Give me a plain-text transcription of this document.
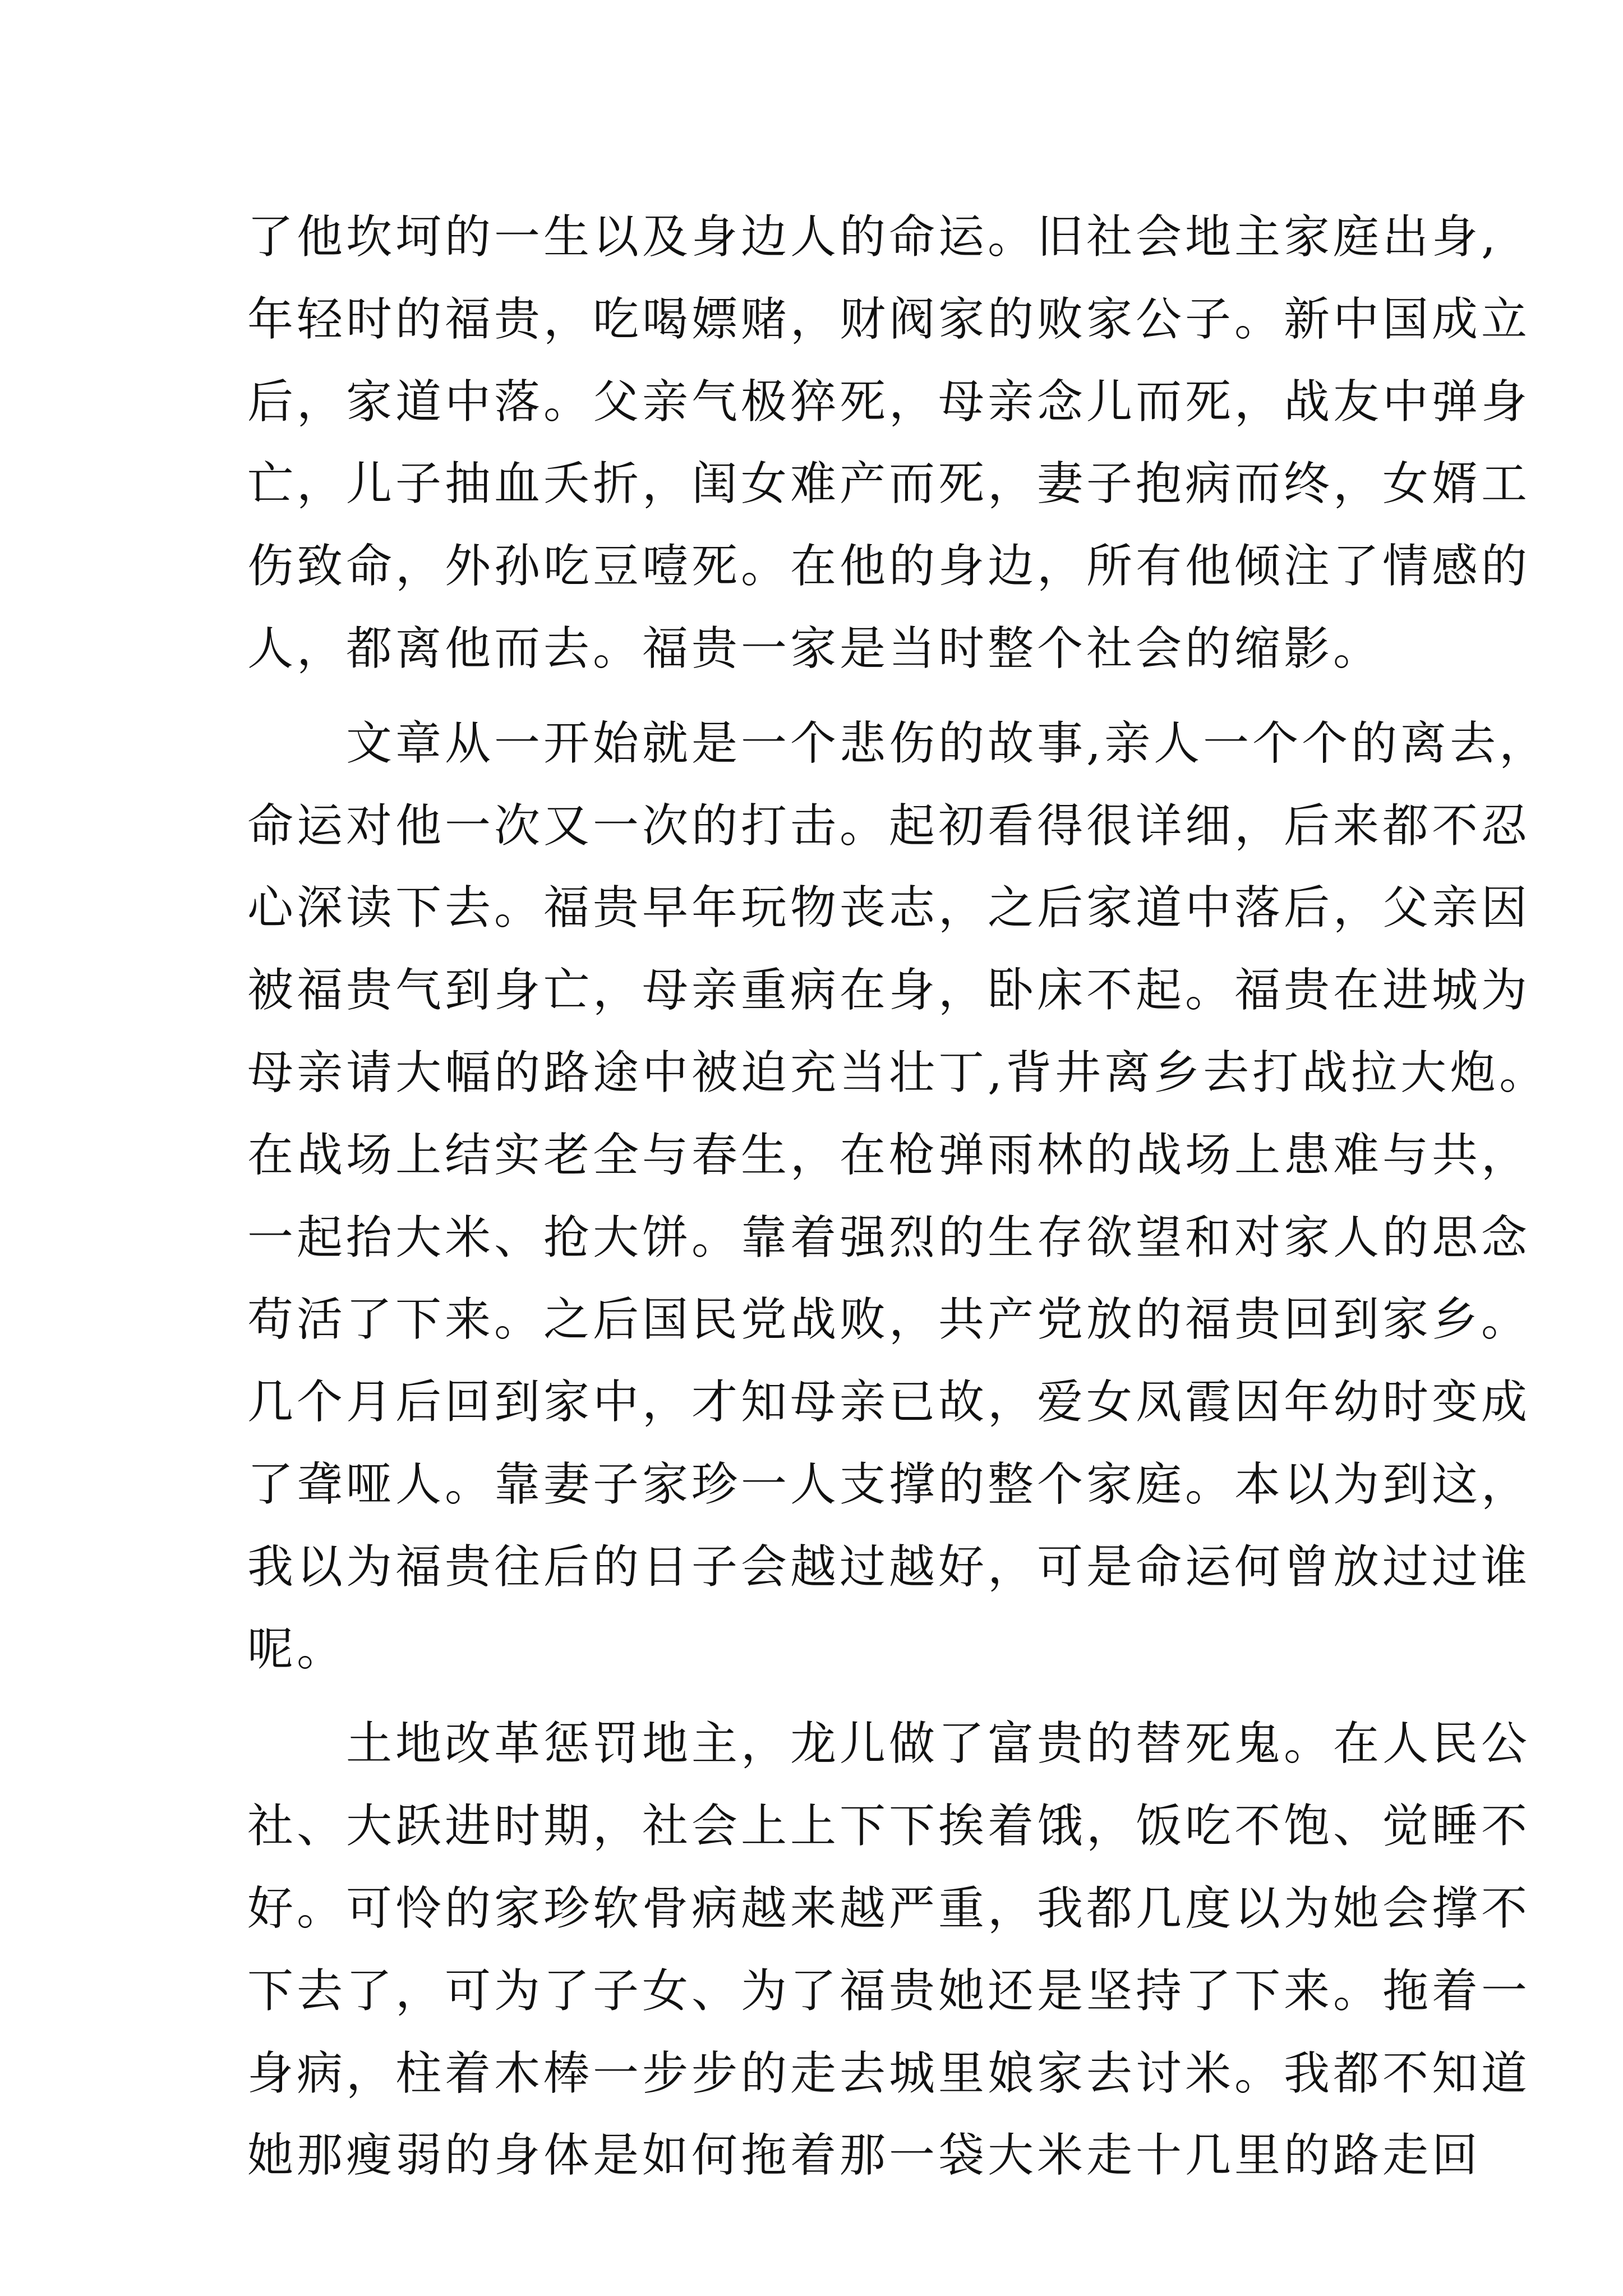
了他坎坷的一生以及身边人的命运。旧社会地主家庭出身,
年轻时的福贵，吃喝嫖赌，财阀家的败家公子。新中国成立
后，家道中落。父亲气极猝死，母亲念儿而死，战友中弹身
亡，儿子抽血夭折，闺女难产而死，妻子抱病而终，女婿工
伤致命，外孙吃豆噎死。在他的身边，所有他倾注了情感的
人，都离他而去。福贵一家是当时整个社会的缩影。
　　文章从一开始就是一个悲伤的故事,亲人一个个的离去，
命运对他一次又一次的打击。起初看得很详细，后来都不忍
心深读下去。福贵早年玩物丧志，之后家道中落后，父亲因
被福贵气到身亡，母亲重病在身，卧床不起。福贵在进城为
母亲请大幅的路途中被迫充当壮丁,背井离乡去打战拉大炮。
在战场上结实老全与春生，在枪弹雨林的战场上患难与共，
一起抬大米、抢大饼。靠着强烈的生存欲望和对家人的思念
苟活了下来。之后国民党战败，共产党放的福贵回到家乡。
几个月后回到家中，才知母亲已故，爱女凤霞因年幼时变成
了聋哑人。靠妻子家珍一人支撑的整个家庭。本以为到这，
我以为福贵往后的日子会越过越好，可是命运何曾放过过谁
呢。
　　土地改革惩罚地主，龙儿做了富贵的替死鬼。在人民公
社、大跃进时期，社会上上下下挨着饿，饭吃不饱、觉睡不
好。可怜的家珍软骨病越来越严重，我都几度以为她会撑不
下去了，可为了子女、为了福贵她还是坚持了下来。拖着一
身病，柱着木棒一步步的走去城里娘家去讨米。我都不知道
她那瘦弱的身体是如何拖着那一袋大米走十几里的路走回
